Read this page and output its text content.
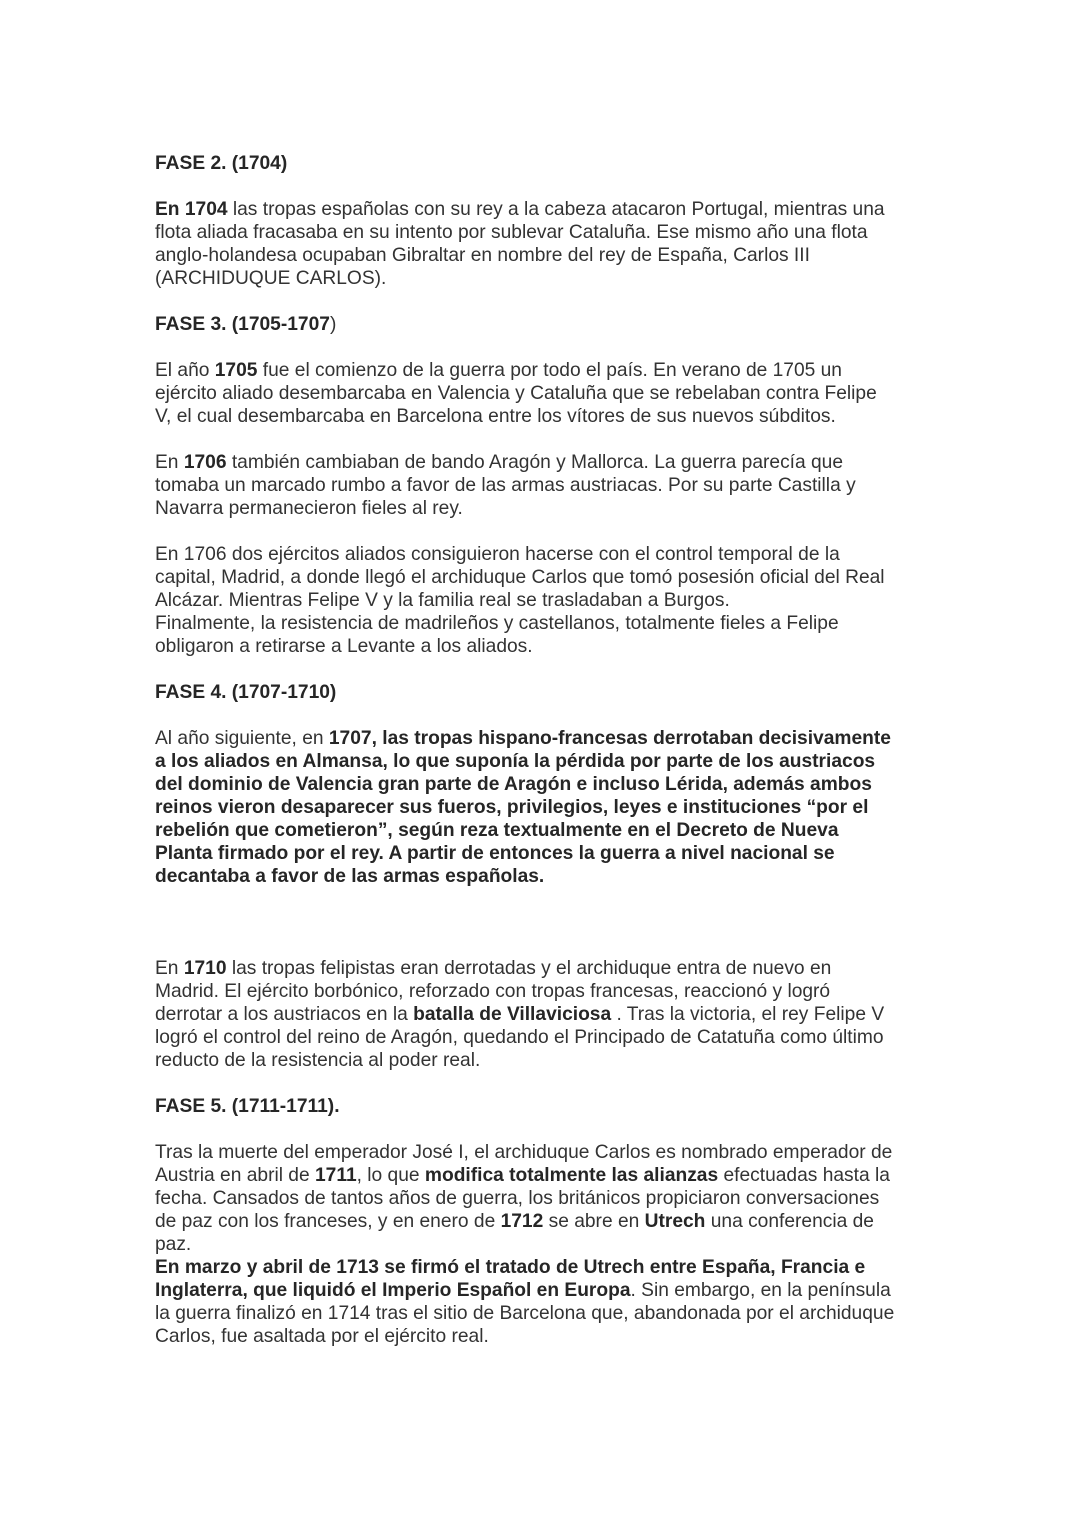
FASE 2. (1704)
En 1704 las tropas españolas con su rey a la cabeza atacaron Portugal, mientras una
flota aliada fracasaba en su intento por sublevar Cataluña. Ese mismo año una flota
anglo-holandesa ocupaban Gibraltar en nombre del rey de España, Carlos III
(ARCHIDUQUE CARLOS).
FASE 3. (1705-1707)
El año 1705 fue el comienzo de la guerra por todo el país. En verano de 1705 un
ejército aliado desembarcaba en Valencia y Cataluña que se rebelaban contra Felipe
V, el cual desembarcaba en Barcelona entre los vítores de sus nuevos súbditos.
En 1706 también cambiaban de bando Aragón y Mallorca. La guerra parecía que
tomaba un marcado rumbo a favor de las armas austriacas. Por su parte Castilla y
Navarra permanecieron fieles al rey.
En 1706 dos ejércitos aliados consiguieron hacerse con el control temporal de la
capital, Madrid, a donde llegó el archiduque Carlos que tomó posesión oficial del Real
Alcázar. Mientras Felipe V y la familia real se trasladaban a Burgos.
Finalmente, la resistencia de madrileños y castellanos, totalmente fieles a Felipe
obligaron a retirarse a Levante a los aliados.
FASE 4. (1707-1710)
Al año siguiente, en 1707, las tropas hispano-francesas derrotaban decisivamente
a los aliados en Almansa, lo que suponía la pérdida por parte de los austriacos
del dominio de Valencia gran parte de Aragón e incluso Lérida, además ambos
reinos vieron desaparecer sus fueros, privilegios, leyes e instituciones “por el
rebelión que cometieron”, según reza textualmente en el Decreto de Nueva
Planta firmado por el rey. A partir de entonces la guerra a nivel nacional se
decantaba a favor de las armas españolas.
En 1710 las tropas felipistas eran derrotadas y el archiduque entra de nuevo en
Madrid. El ejército borbónico, reforzado con tropas francesas, reaccionó y logró
derrotar a los austriacos en la batalla de Villaviciosa . Tras la victoria, el rey Felipe V
logró el control del reino de Aragón, quedando el Principado de Catatuña como último
reducto de la resistencia al poder real.
FASE 5. (1711-1711).
Tras la muerte del emperador José I, el archiduque Carlos es nombrado emperador de
Austria en abril de 1711, lo que modifica totalmente las alianzas efectuadas hasta la
fecha. Cansados de tantos años de guerra, los británicos propiciaron conversaciones
de paz con los franceses, y en enero de 1712 se abre en Utrech una conferencia de
paz.
En marzo y abril de 1713 se firmó el tratado de Utrech entre España, Francia e
Inglaterra, que liquidó el Imperio Español en Europa. Sin embargo, en la península
la guerra finalizó en 1714 tras el sitio de Barcelona que, abandonada por el archiduque
Carlos, fue asaltada por el ejército real.
